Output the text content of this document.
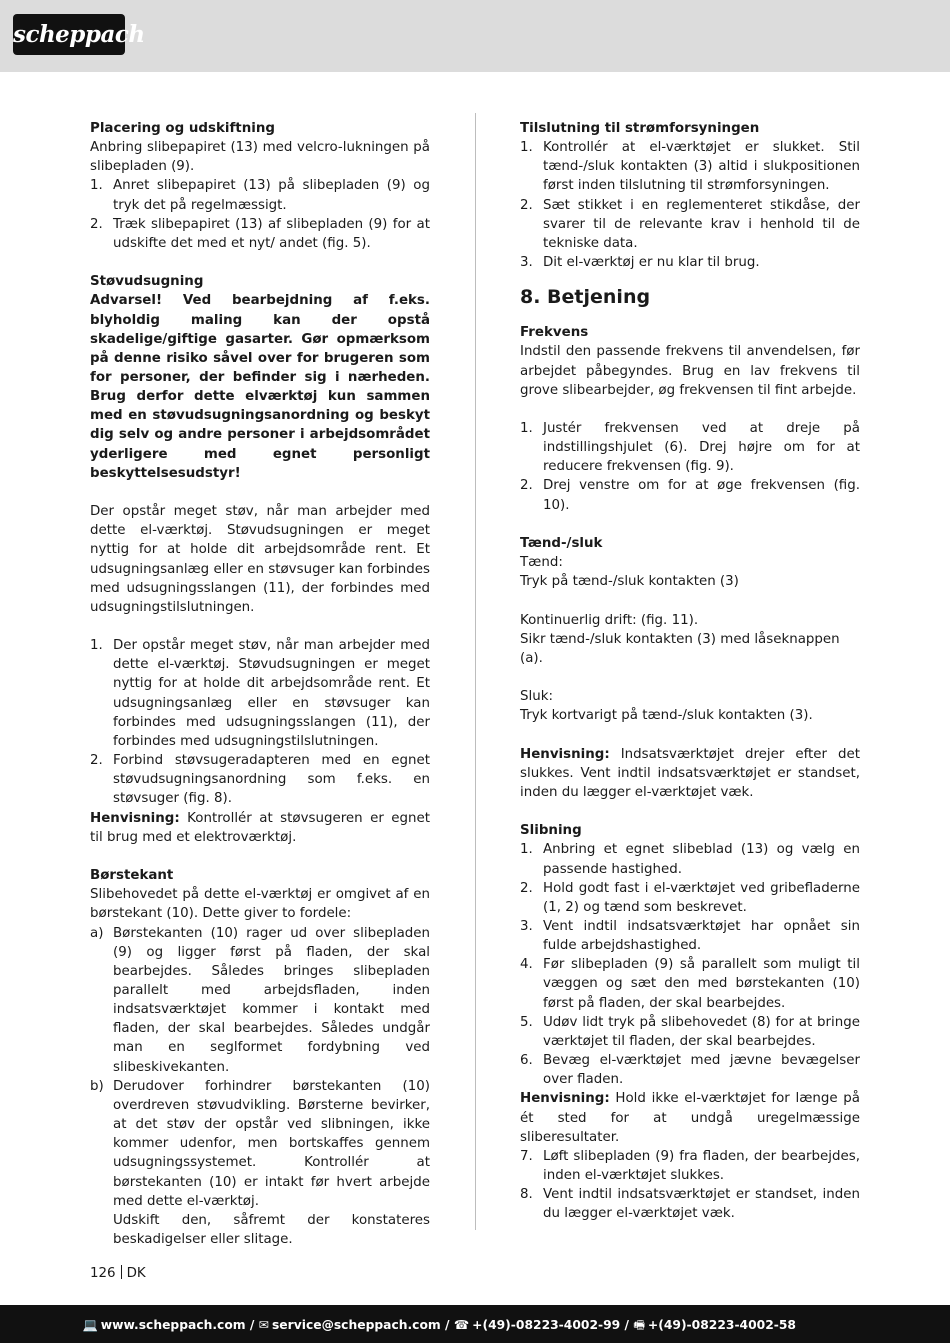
scheppach
Placering og udskiftning
Anbring slibepapiret (13) med velcro-lukningen på slibepladen (9).
1. Anret slibepapiret (13) på slibepladen (9) og tryk det på regelmæssigt.
2. Træk slibepapiret (13) af slibepladen (9) for at udskifte det med et nyt/ andet (fig. 5).
Støvudsugning
Advarsel! Ved bearbejdning af f.eks. blyholdig maling kan der opstå skadelige/giftige gasarter. Gør opmærksom på denne risiko såvel over for brugeren som for personer, der befinder sig i nærheden. Brug derfor dette elværktøj kun sammen med en støvudsugningsanordning og beskyt dig selv og andre personer i arbejdsområdet yderligere med egnet personligt beskyttelsesudstyr!
Der opstår meget støv, når man arbejder med dette el-værktøj. Støvudsugningen er meget nyttig for at holde dit arbejdsområde rent. Et udsugningsanlæg eller en støvsuger kan forbindes med udsugningsslangen (11), der forbindes med udsugningstilslutningen.
1. Der opstår meget støv, når man arbejder med dette el-værktøj. Støvudsugningen er meget nyttig for at holde dit arbejdsområde rent. Et udsugningsanlæg eller en støvsuger kan forbindes med udsugningsslangen (11), der forbindes med udsugningstilslutningen.
2. Forbind støvsugeradapteren med en egnet støvudsugningsanordning som f.eks. en støvsuger (fig. 8).
Henvisning: Kontrollér at støvsugeren er egnet til brug med et elektroværktøj.
Børstekant
Slibehovedet på dette el-værktøj er omgivet af en børstekant (10). Dette giver to fordele:
a) Børstekanten (10) rager ud over slibepladen (9) og ligger først på fladen, der skal bearbejdes. Således bringes slibepladen parallelt med arbejdsfladen, inden indsatsværktøjet kommer i kontakt med fladen, der skal bearbejdes. Således undgår man en seglformet fordybning ved slibeskivekanten.
b) Derudover forhindrer børstekanten (10) overdreven støvudvikling. Børsterne bevirker, at det støv der opstår ved slibningen, ikke kommer udenfor, men bortskaffes gennem udsugningssystemet. Kontrollér at børstekanten (10) er intakt før hvert arbejde med dette el-værktøj.
Udskift den, såfremt der konstateres beskadigelser eller slitage.
Tilslutning til strømforsyningen
1. Kontrollér at el-værktøjet er slukket. Stil tænd-/sluk kontakten (3) altid i slukpositionen først inden tilslutning til strømforsyningen.
2. Sæt stikket i en reglementeret stikdåse, der svarer til de relevante krav i henhold til de tekniske data.
3. Dit el-værktøj er nu klar til brug.
8. Betjening
Frekvens
Indstil den passende frekvens til anvendelsen, før arbejdet påbegyndes. Brug en lav frekvens til grove slibearbejder, øg frekvensen til fint arbejde.
1. Justér frekvensen ved at dreje på indstillingshjulet (6). Drej højre om for at reducere frekvensen (fig. 9).
2. Drej venstre om for at øge frekvensen (fig. 10).
Tænd-/sluk
Tænd:
Tryk på tænd-/sluk kontakten (3)
Kontinuerlig drift: (fig. 11).
Sikr tænd-/sluk kontakten (3) med låseknappen (a).
Sluk:
Tryk kortvarigt på tænd-/sluk kontakten (3).
Henvisning: Indsatsværktøjet drejer efter det slukkes. Vent indtil indsatsværktøjet er standset, inden du lægger el-værktøjet væk.
Slibning
1. Anbring et egnet slibeblad (13) og vælg en passende hastighed.
2. Hold godt fast i el-værktøjet ved gribefladerne (1, 2) og tænd som beskrevet.
3. Vent indtil indsatsværktøjet har opnået sin fulde arbejdshastighed.
4. Før slibepladen (9) så parallelt som muligt til væggen og sæt den med børstekanten (10) først på fladen, der skal bearbejdes.
5. Udøv lidt tryk på slibehovedet (8) for at bringe værktøjet til fladen, der skal bearbejdes.
6. Bevæg el-værktøjet med jævne bevægelser over fladen.
Henvisning: Hold ikke el-værktøjet for længe på ét sted for at undgå uregelmæssige sliberesultater.
7. Løft slibepladen (9) fra fladen, der bearbejdes, inden el-værktøjet slukkes.
8. Vent indtil indsatsværktøjet er standset, inden du lægger el-værktøjet væk.
126 DK
💻 www.scheppach.com / ✉ service@scheppach.com / ☎ +(49)-08223-4002-99 / 🖷 +(49)-08223-4002-58
